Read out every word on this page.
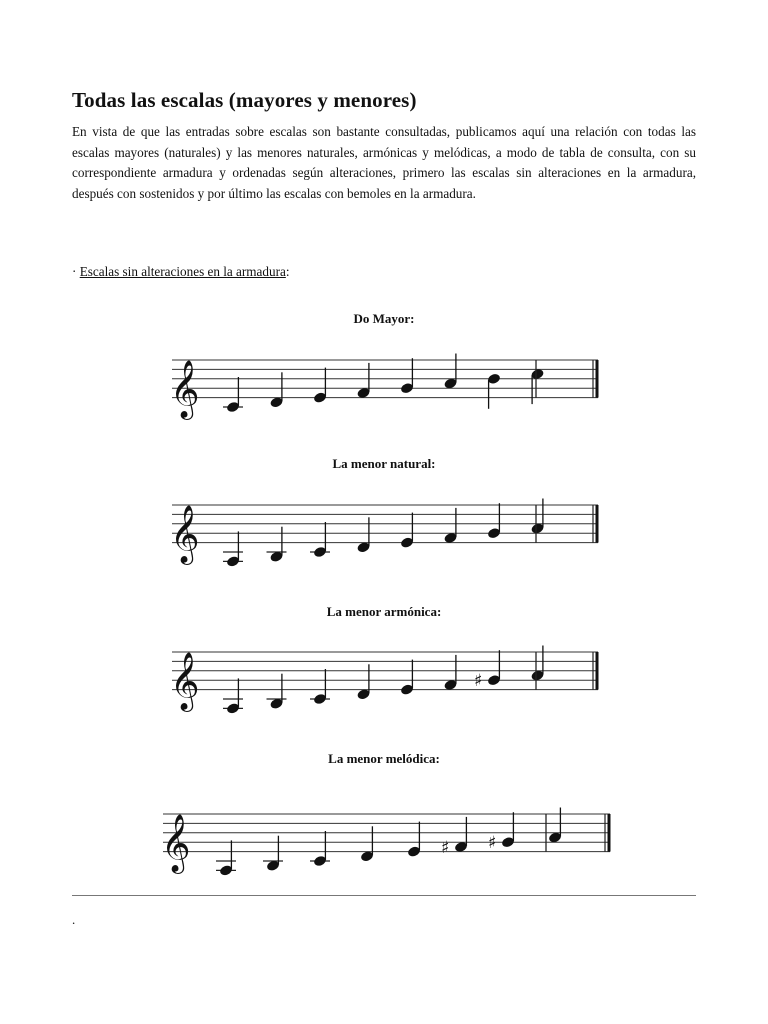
Todas las escalas (mayores y menores)

En vista de que las entradas sobre escalas son bastante consultadas, publicamos aquí una relación con todas las escalas mayores (naturales) y las menores naturales, armónicas y melódicas, a modo de tabla de consulta, con su correspondiente armadura y ordenadas según alteraciones, primero las escalas sin alteraciones en la armadura, después con sostenidos y por último las escalas con bemoles en la armadura.

· Escalas sin alteraciones en la armadura:

Do Mayor:
𝄞
La menor natural:
𝄞
La menor armónica:
𝄞	♯
La menor melódica:
𝄞	♯ ♯
.
